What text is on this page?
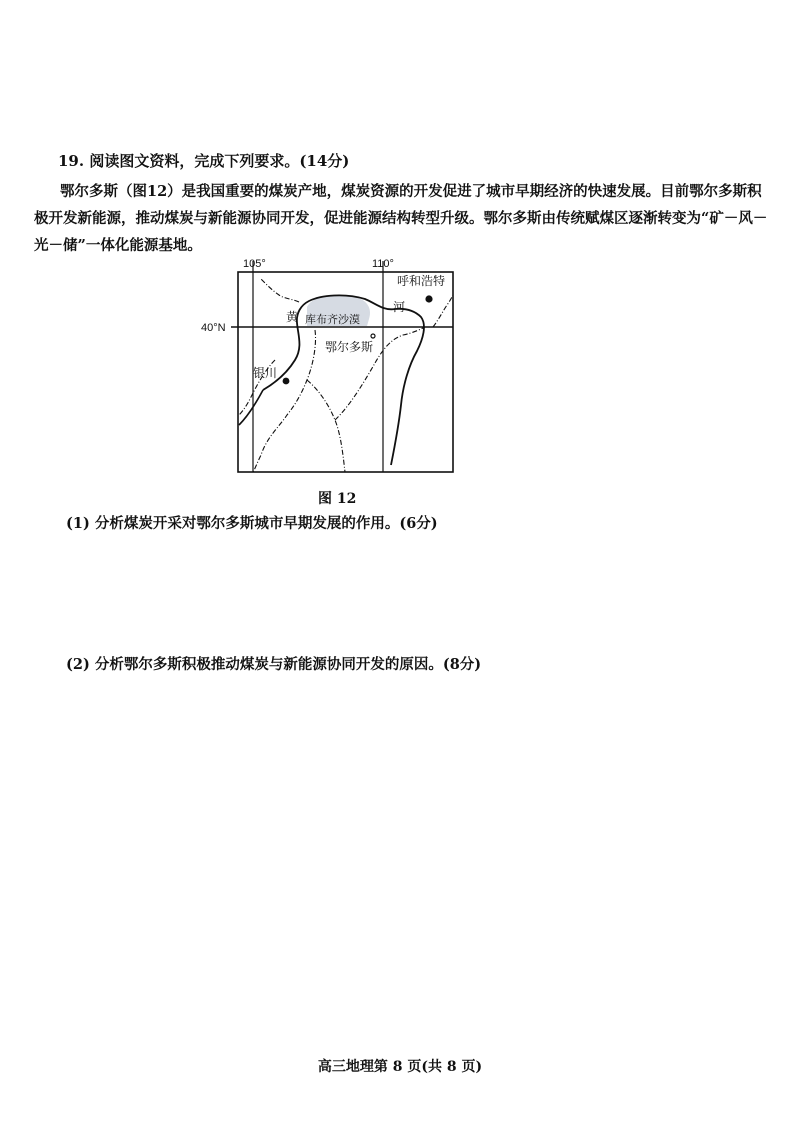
19. 阅读图文资料，完成下列要求。(14分)

鄂尔多斯（图12）是我国重要的煤炭产地，煤炭资源的开发促进了城市早期经济的快速发展。目前鄂尔多斯积极开发新能源，推动煤炭与新能源协同开发，促进能源结构转型升级。鄂尔多斯由传统赋煤区逐渐转变为“矿－风－光－储”一体化能源基地。

105°	110°
40°N
呼和浩特
黄
河
库布齐沙漠
鄂尔多斯
银川
图 12
(1) 分析煤炭开采对鄂尔多斯城市早期发展的作用。(6分)
(2) 分析鄂尔多斯积极推动煤炭与新能源协同开发的原因。(8分)
高三地理第 8 页(共 8 页)
